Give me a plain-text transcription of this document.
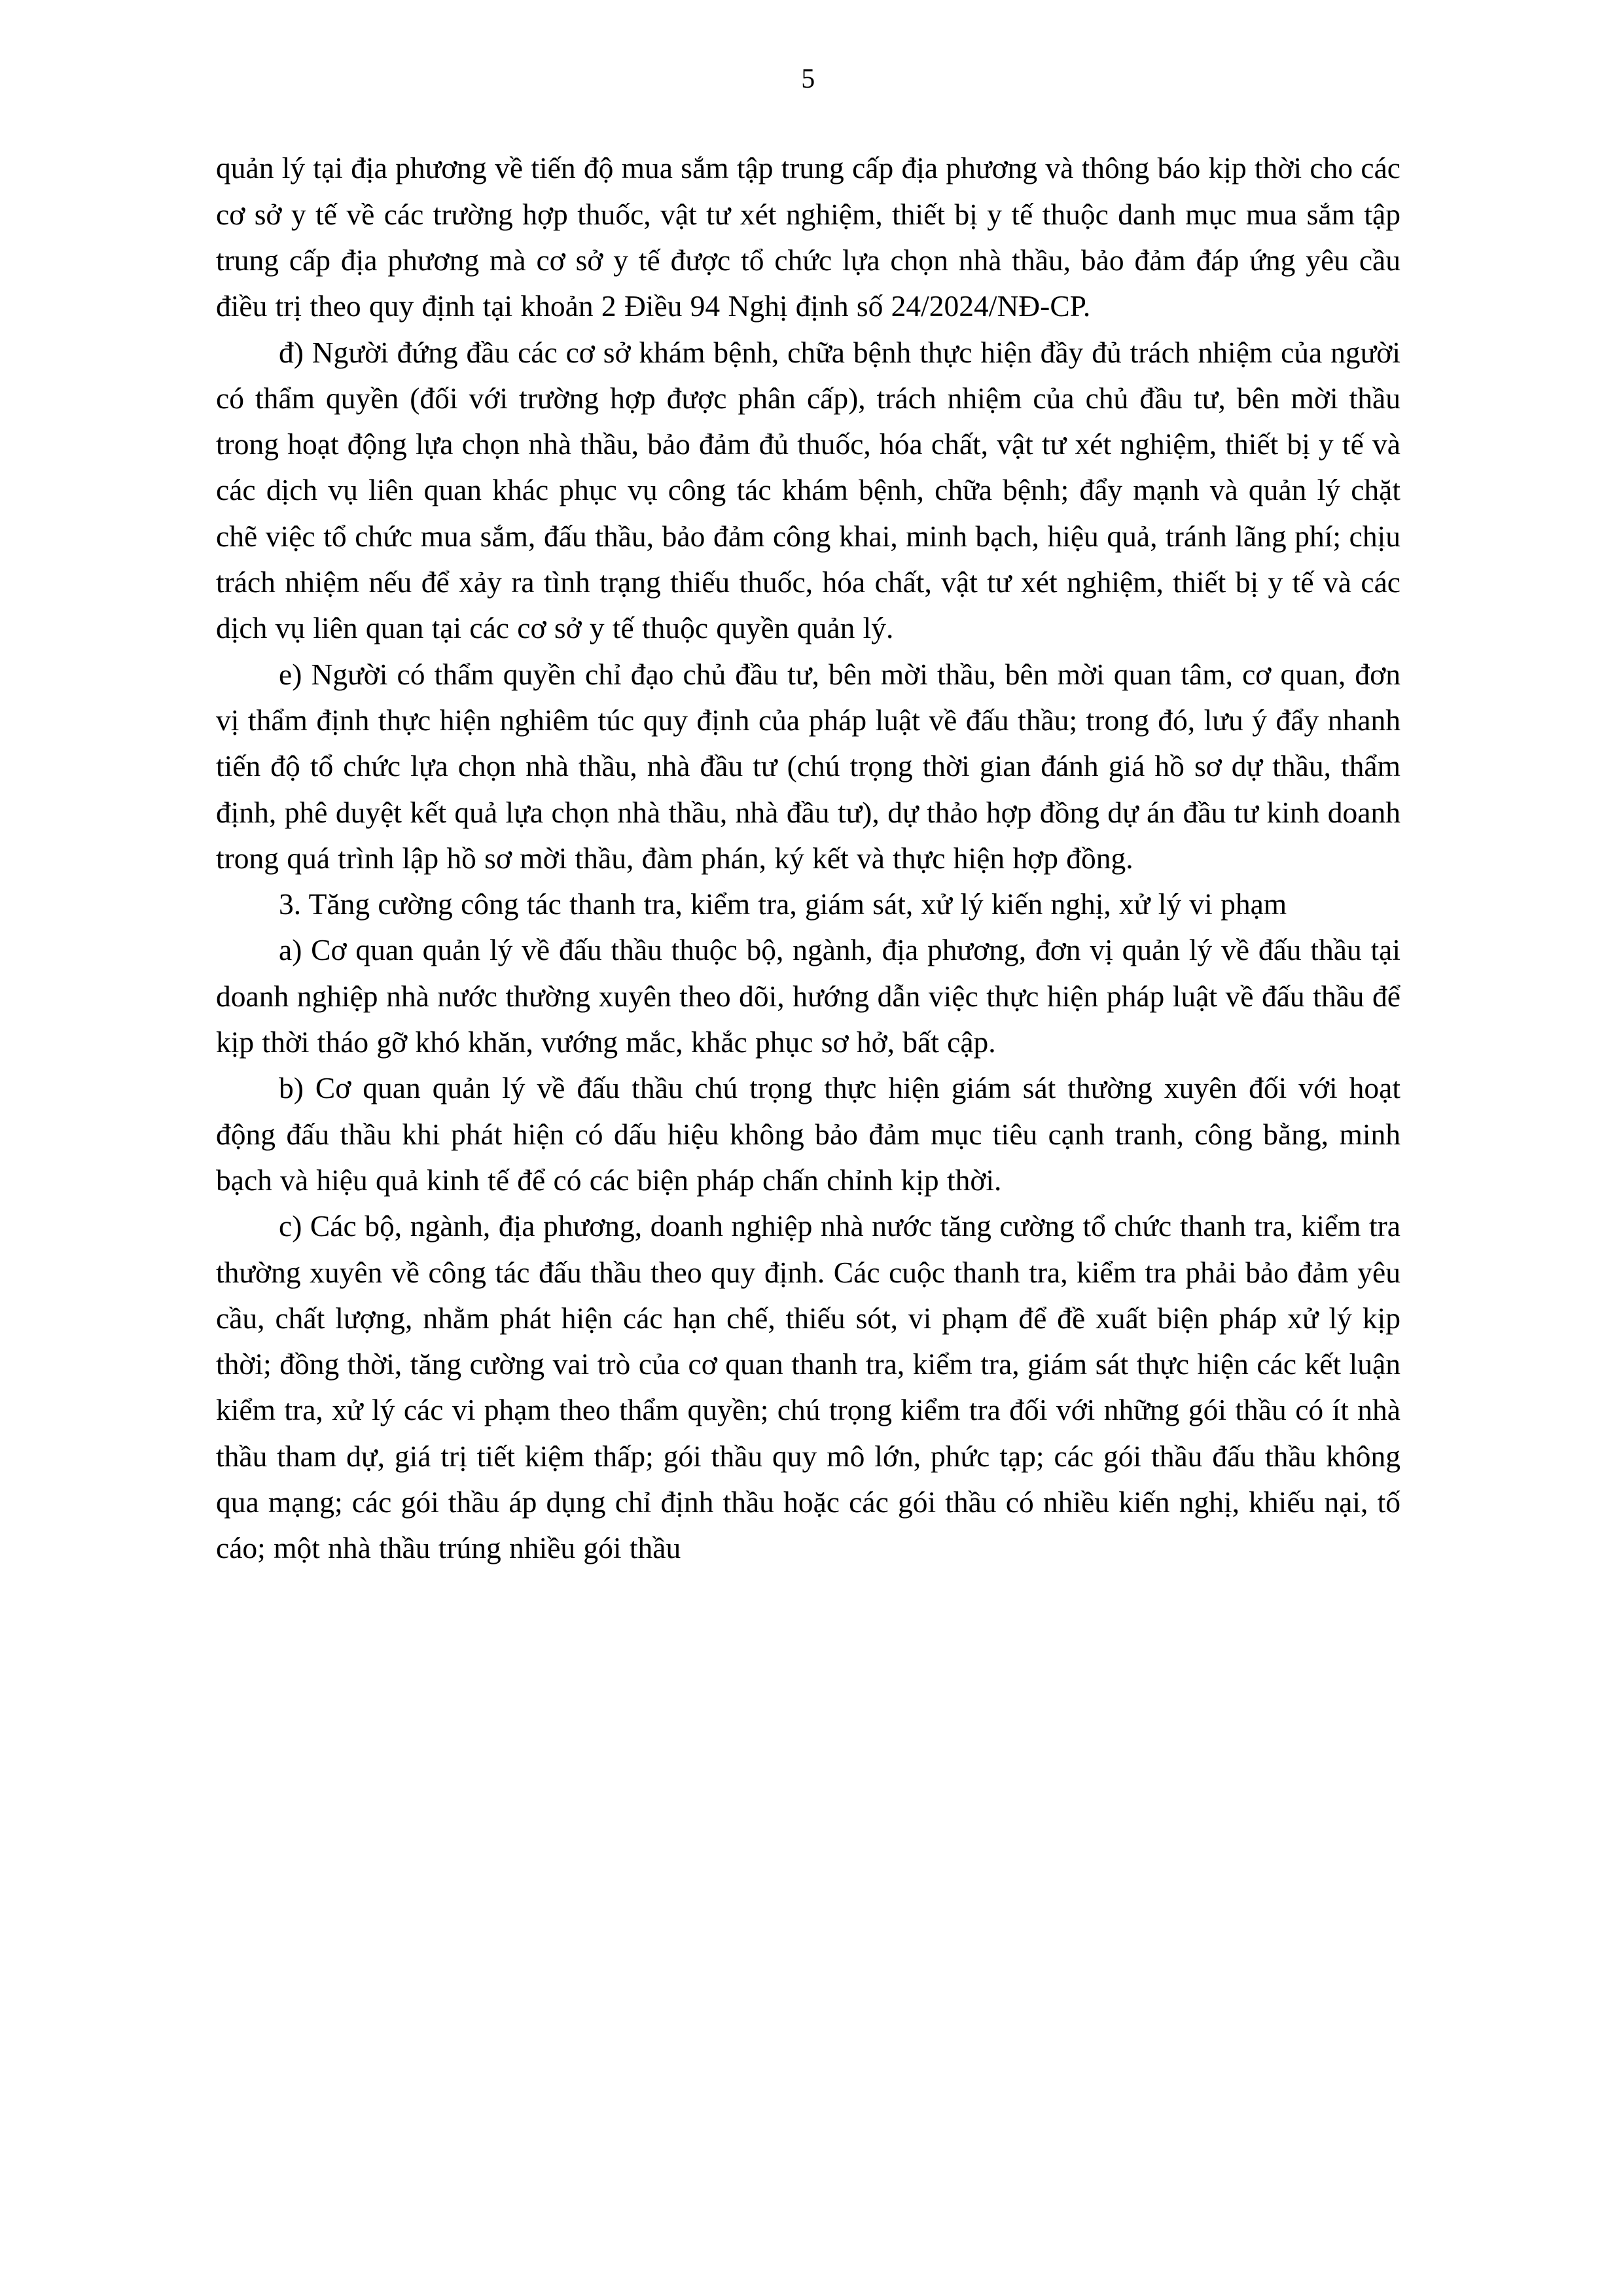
5

quản lý tại địa phương về tiến độ mua sắm tập trung cấp địa phương và thông báo kịp thời cho các cơ sở y tế về các trường hợp thuốc, vật tư xét nghiệm, thiết bị y tế thuộc danh mục mua sắm tập trung cấp địa phương mà cơ sở y tế được tổ chức lựa chọn nhà thầu, bảo đảm đáp ứng yêu cầu điều trị theo quy định tại khoản 2 Điều 94 Nghị định số 24/2024/NĐ-CP.

đ) Người đứng đầu các cơ sở khám bệnh, chữa bệnh thực hiện đầy đủ trách nhiệm của người có thẩm quyền (đối với trường hợp được phân cấp), trách nhiệm của chủ đầu tư, bên mời thầu trong hoạt động lựa chọn nhà thầu, bảo đảm đủ thuốc, hóa chất, vật tư xét nghiệm, thiết bị y tế và các dịch vụ liên quan khác phục vụ công tác khám bệnh, chữa bệnh; đẩy mạnh và quản lý chặt chẽ việc tổ chức mua sắm, đấu thầu, bảo đảm công khai, minh bạch, hiệu quả, tránh lãng phí; chịu trách nhiệm nếu để xảy ra tình trạng thiếu thuốc, hóa chất, vật tư xét nghiệm, thiết bị y tế và các dịch vụ liên quan tại các cơ sở y tế thuộc quyền quản lý.

e) Người có thẩm quyền chỉ đạo chủ đầu tư, bên mời thầu, bên mời quan tâm, cơ quan, đơn vị thẩm định thực hiện nghiêm túc quy định của pháp luật về đấu thầu; trong đó, lưu ý đẩy nhanh tiến độ tổ chức lựa chọn nhà thầu, nhà đầu tư (chú trọng thời gian đánh giá hồ sơ dự thầu, thẩm định, phê duyệt kết quả lựa chọn nhà thầu, nhà đầu tư), dự thảo hợp đồng dự án đầu tư kinh doanh trong quá trình lập hồ sơ mời thầu, đàm phán, ký kết và thực hiện hợp đồng.

3. Tăng cường công tác thanh tra, kiểm tra, giám sát, xử lý kiến nghị, xử lý vi phạm

a) Cơ quan quản lý về đấu thầu thuộc bộ, ngành, địa phương, đơn vị quản lý về đấu thầu tại doanh nghiệp nhà nước thường xuyên theo dõi, hướng dẫn việc thực hiện pháp luật về đấu thầu để kịp thời tháo gỡ khó khăn, vướng mắc, khắc phục sơ hở, bất cập.

b) Cơ quan quản lý về đấu thầu chú trọng thực hiện giám sát thường xuyên đối với hoạt động đấu thầu khi phát hiện có dấu hiệu không bảo đảm mục tiêu cạnh tranh, công bằng, minh bạch và hiệu quả kinh tế để có các biện pháp chấn chỉnh kịp thời.

c) Các bộ, ngành, địa phương, doanh nghiệp nhà nước tăng cường tổ chức thanh tra, kiểm tra thường xuyên về công tác đấu thầu theo quy định. Các cuộc thanh tra, kiểm tra phải bảo đảm yêu cầu, chất lượng, nhằm phát hiện các hạn chế, thiếu sót, vi phạm để đề xuất biện pháp xử lý kịp thời; đồng thời, tăng cường vai trò của cơ quan thanh tra, kiểm tra, giám sát thực hiện các kết luận kiểm tra, xử lý các vi phạm theo thẩm quyền; chú trọng kiểm tra đối với những gói thầu có ít nhà thầu tham dự, giá trị tiết kiệm thấp; gói thầu quy mô lớn, phức tạp; các gói thầu đấu thầu không qua mạng; các gói thầu áp dụng chỉ định thầu hoặc các gói thầu có nhiều kiến nghị, khiếu nại, tố cáo; một nhà thầu trúng nhiều gói thầu
